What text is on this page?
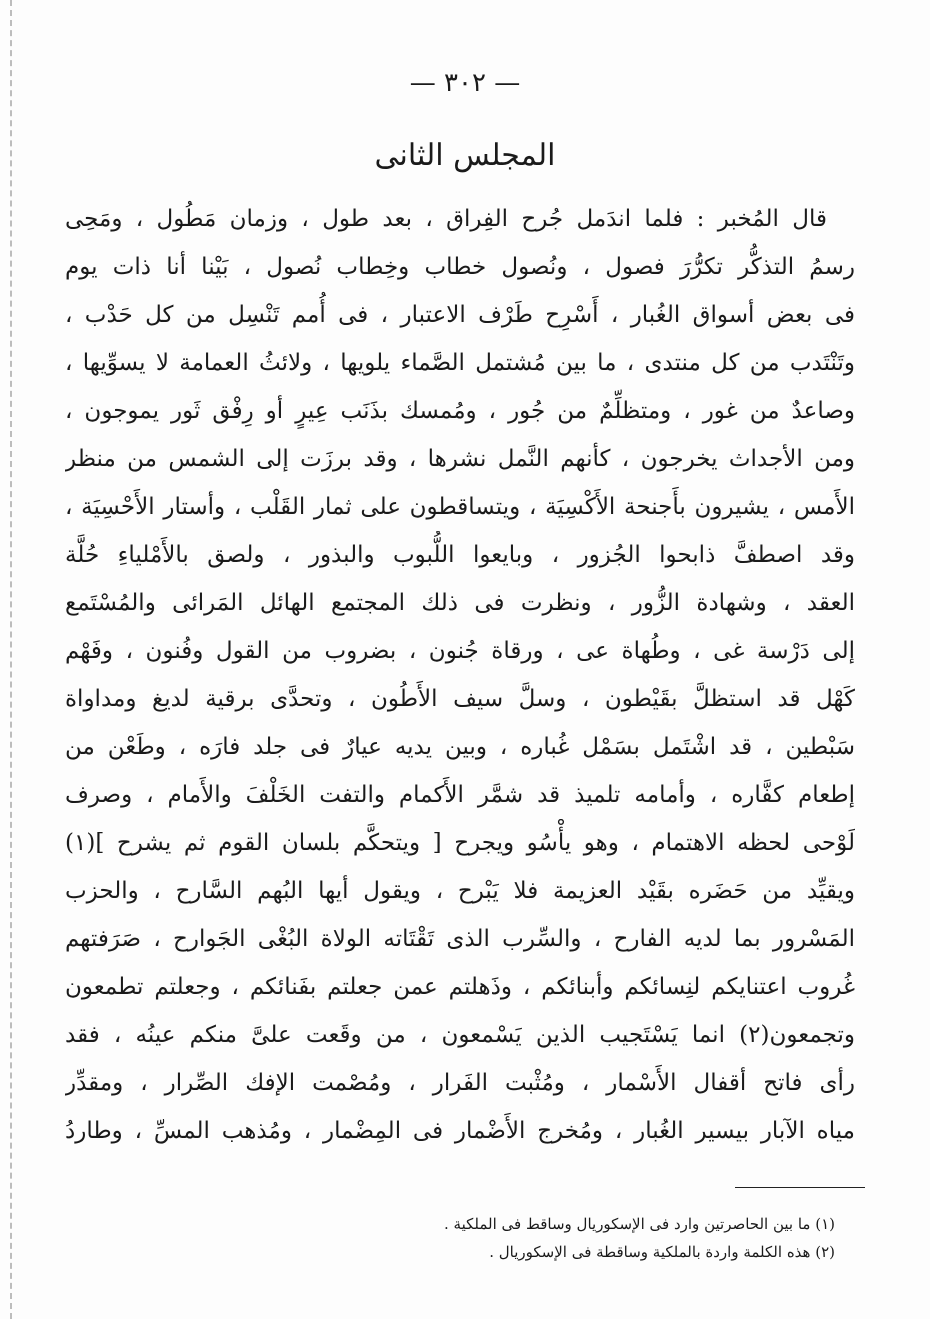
— ٣٠٢ —
المجلس الثانى
قال المُخبر : فلما اندَمل جُرح الفِراق ، بعد طول ، وزمان مَطُول ، ومَحِى
رسمُ التذكُّر تكرُّرَ فصول ، ونُصول خطاب وخِطاب نُصول ، بَيْنا أنا ذات يوم
فى بعض أسواق الغُبار ، أَسْرِح طَرْف الاعتبار ، فى أُمم تَنْسِل من كل حَدْب ،
وتَنْتَدب من كل منتدى ، ما بين مُشتمل الصَّماء يلويها ، ولائثُ العمامة لا يسوِّيها ،
وصاعدٌ من غور ، ومتظلِّمٌ من جُور ، ومُمسك بذَنَب عِيرٍ أو رِفْق ثَور يموجون ،
ومن الأجداث يخرجون ، كأنهم النَّمل نشرها ، وقد برزَت إلى الشمس من منظر
الأَمس ، يشيرون بأَجنحة الأَكْسِيَة ، ويتساقطون على ثمار القَلْب ، وأستار الأَحْسِيَة ،
وقد اصطفَّ ذابحوا الجُزور ، وبايعوا اللُّبوب والبذور ، ولصق بالأَمْلياءِ حُلَّة
العقد ، وشهادة الزُّور ، ونظرت فى ذلك المجتمع الهائل المَرائى والمُسْتَمع
إلى دَرْسة غى ، وطُهاة عى ، ورقاة جُنون ، بضروب من القول وفُنون ، وفَهْم
كَهْل قد استظلَّ بقَيْطون ، وسلَّ سيف الأَطُون ، وتحدَّى برقية لديغ ومداواة
سَبْطين ، قد اشْتَمل بسَمْل غُباره ، وبين يديه عيارٌ فى جلد فارَه ، وطَعْن من
إطعام كفَّاره ، وأمامه تلميذ قد شمَّر الأَكمام والتفت الخَلْفَ والأَمام ، وصرف
لَوْحى لحظه الاهتمام ، وهو يأْسُو ويجرح [ ويتحكَّم بلسان القوم ثم يشرح ](١)
ويقيِّد من حَضَره بقَيْد العزيمة فلا يَبْرح ، ويقول أيها البُهم السَّارح ، والحزب
المَسْرور بما لديه الفارح ، والسِّرب الذى تَقْتَاته الولاة البُغْى الجَوارح ، صَرَفتهم
غُروب اعتنايكم لنِسائكم وأبنائكم ، وذَهلتم عمن جعلتم بفَنائكم ، وجعلتم تطمعون
وتجمعون(٢) انما يَسْتَجيب الذين يَسْمعون ، من وقَعت علىَّ منكم عينُه ، فقد
رأى فاتح أقفال الأَسْمار ، ومُثْبت الفَرار ، ومُصْمت الإفك الصِّرار ، ومقدِّر
مياه الآبار بيسير الغُبار ، ومُخرج الأَضْمار فى المِضْمار ، ومُذهب المسِّ ، وطاردُ
(١) ما بين الحاصرتين وارد فى الإسكوريال وساقط فى الملكية .
(٢) هذه الكلمة واردة بالملكية وساقطة فى الإسكوريال .
